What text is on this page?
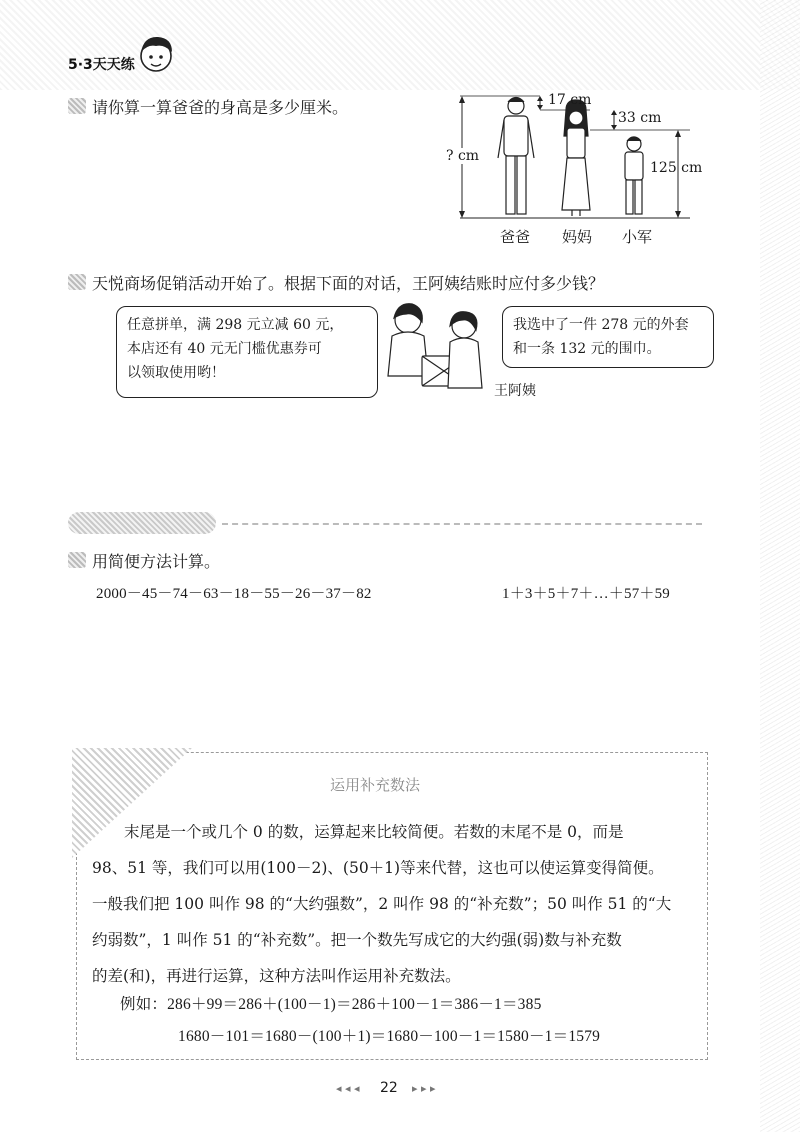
5·3天天练
请你算一算爸爸的身高是多少厘米。	17 cm
33 cm
125 cm
? cm
爸爸 妈妈 小军
天悦商场促销活动开始了。根据下面的对话，王阿姨结账时应付多少钱？
任意拼单，满 298 元立减 60 元，
本店还有 40 元无门槛优惠券可
以领取使用哟！
我选中了一件 278 元的外套
和一条 132 元的围巾。
王阿姨
用简便方法计算。
2000－45－74－63－18－55－26－37－82	1＋3＋5＋7＋…＋57＋59
运用补充数法
末尾是一个或几个 0 的数，运算起来比较简便。若数的末尾不是 0，而是
98、51 等，我们可以用(100－2)、(50＋1)等来代替，这也可以使运算变得简便。
一般我们把 100 叫作 98 的“大约强数”，2 叫作 98 的“补充数”；50 叫作 51 的“大
约弱数”，1 叫作 51 的“补充数”。把一个数先写成它的大约强(弱)数与补充数
的差(和)，再进行运算，这种方法叫作运用补充数法。
例如：286＋99＝286＋(100－1)＝286＋100－1＝386－1＝385
1680－101＝1680－(100＋1)＝1680－100－1＝1580－1＝1579
◂ ◂ ◂ 22 ▸ ▸ ▸
